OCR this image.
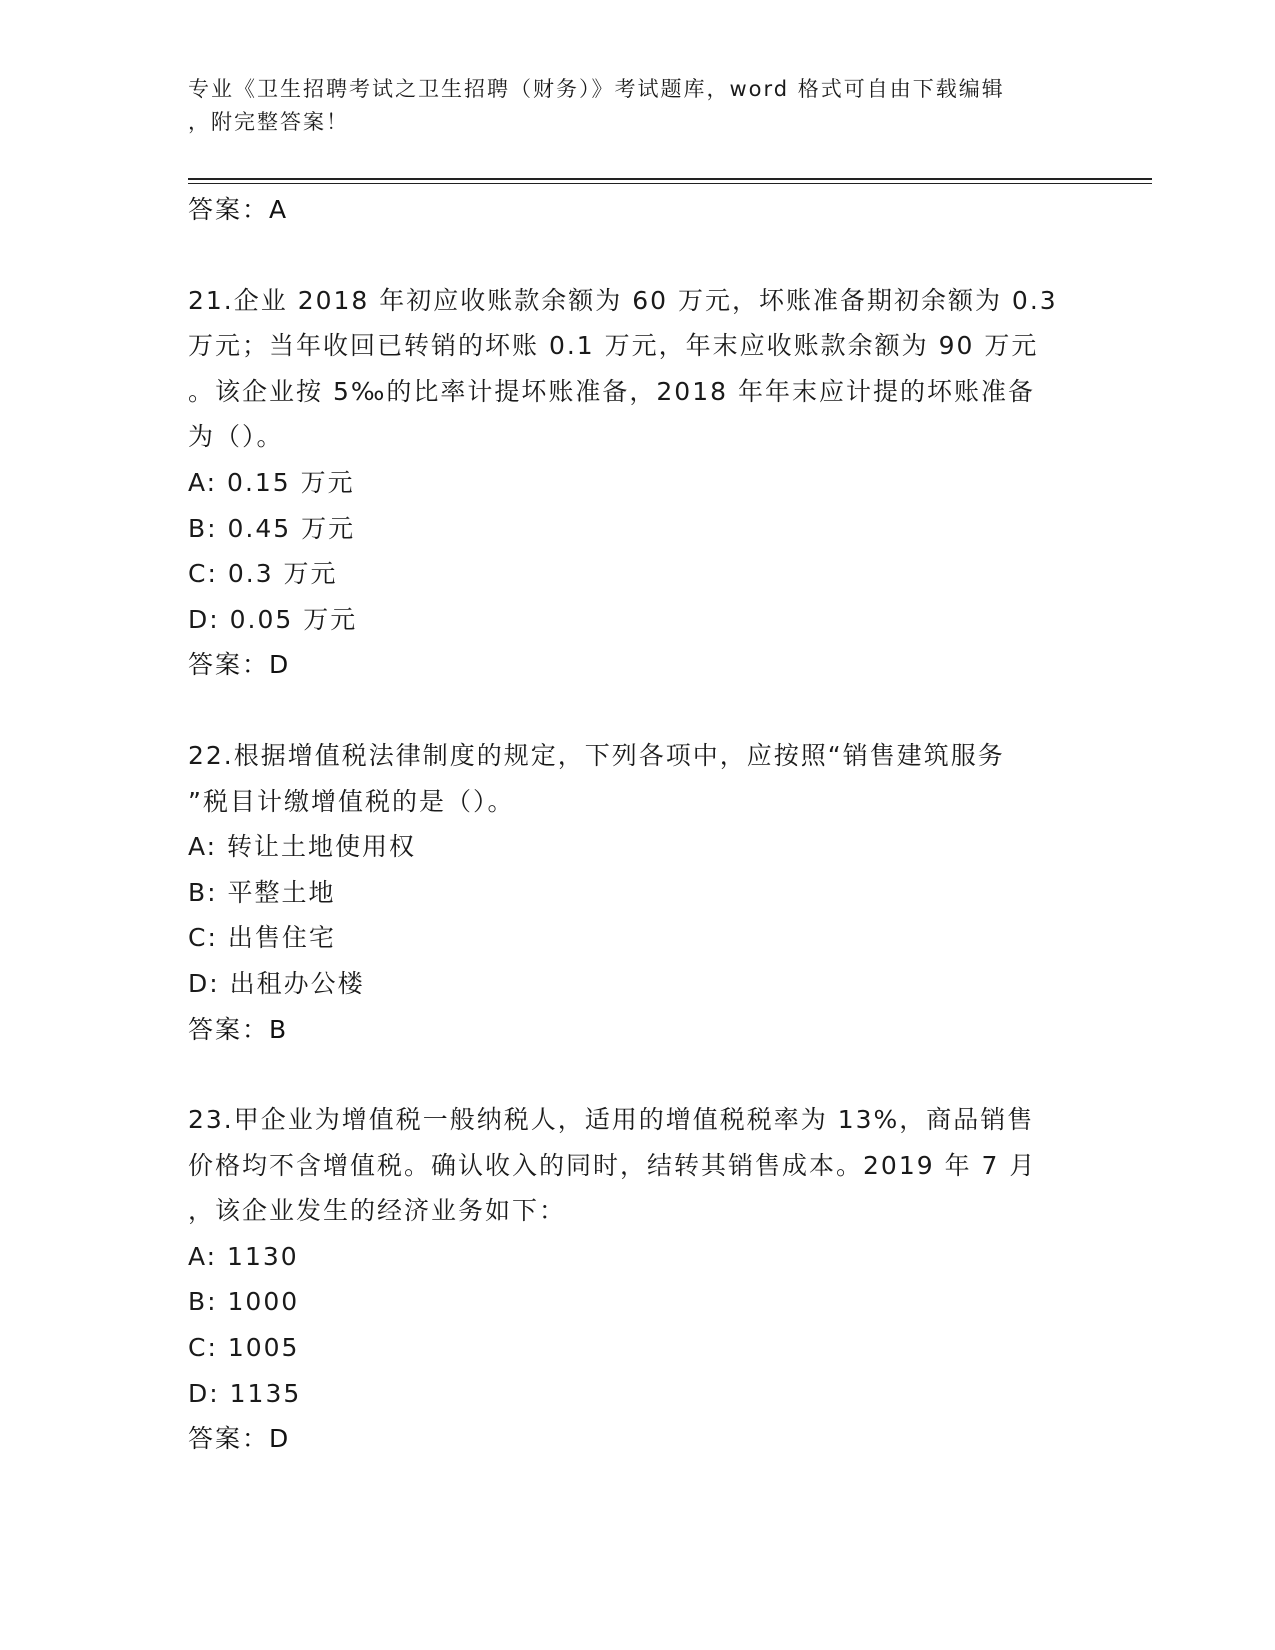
专业《卫生招聘考试之卫生招聘（财务）》考试题库，word 格式可自由下载编辑
，附完整答案！
答案：A
21.企业 2018 年初应收账款余额为 60 万元，坏账准备期初余额为 0.3
万元；当年收回已转销的坏账 0.1 万元，年末应收账款余额为 90 万元
。该企业按 5‰的比率计提坏账准备，2018 年年末应计提的坏账准备
为（）。
A: 0.15 万元
B: 0.45 万元
C: 0.3 万元
D: 0.05 万元
答案：D
22.根据增值税法律制度的规定，下列各项中，应按照“销售建筑服务
”税目计缴增值税的是（）。
A: 转让土地使用权
B: 平整土地
C: 出售住宅
D: 出租办公楼
答案：B
23.甲企业为增值税一般纳税人，适用的增值税税率为 13%，商品销售
价格均不含增值税。确认收入的同时，结转其销售成本。2019 年 7 月
，该企业发生的经济业务如下：
A: 1130
B: 1000
C: 1005
D: 1135
答案：D
